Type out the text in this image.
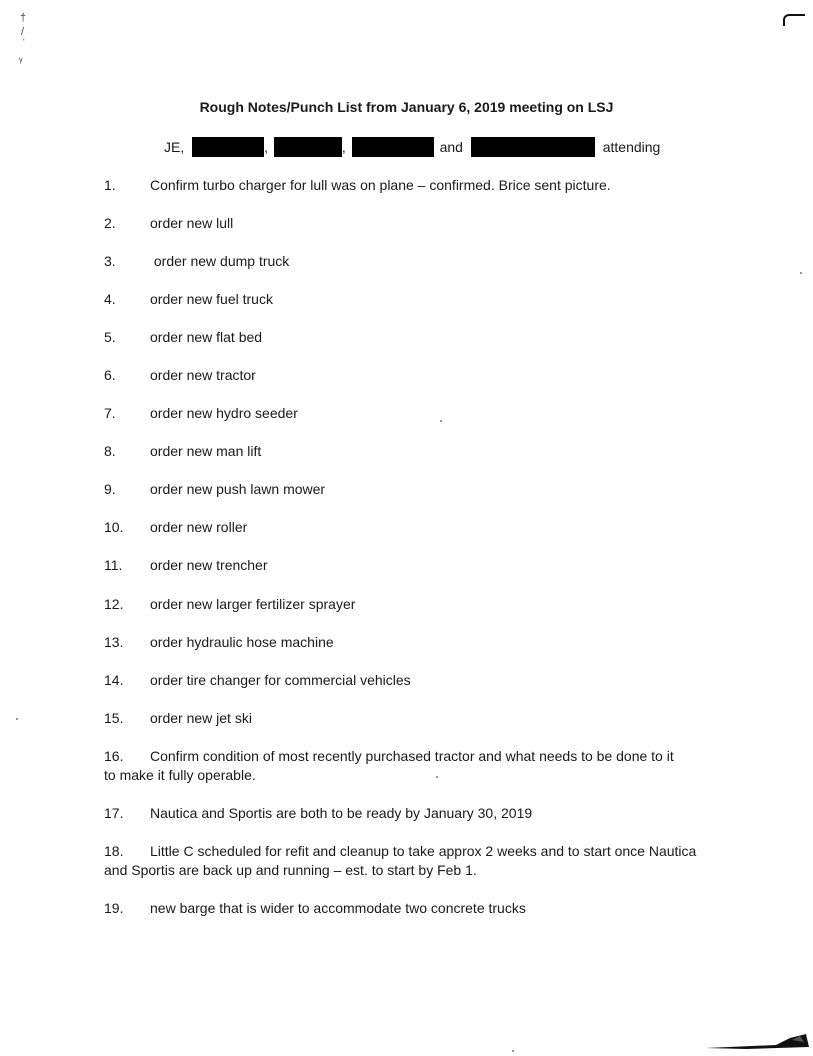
†
/
ˈ
ᵧ
Rough Notes/Punch List from January 6, 2019 meeting on LSJ
JE,	,	,	and	attending
1. Confirm turbo charger for lull was on plane – confirmed. Brice sent picture.
2. order new lull
3. order new dump truck
4. order new fuel truck
5. order new flat bed
6. order new tractor
7. order new hydro seeder
8. order new man lift
9. order new push lawn mower
10. order new roller
11. order new trencher
12. order new larger fertilizer sprayer
13. order hydraulic hose machine
14. order tire changer for commercial vehicles
15. order new jet ski
16. Confirm condition of most recently purchased tractor and what needs to be done to it
to make it fully operable.
17. Nautica and Sportis are both to be ready by January 30, 2019
18. Little C scheduled for refit and cleanup to take approx 2 weeks and to start once Nautica
and Sportis are back up and running – est. to start by Feb 1.
19. new barge that is wider to accommodate two concrete trucks
